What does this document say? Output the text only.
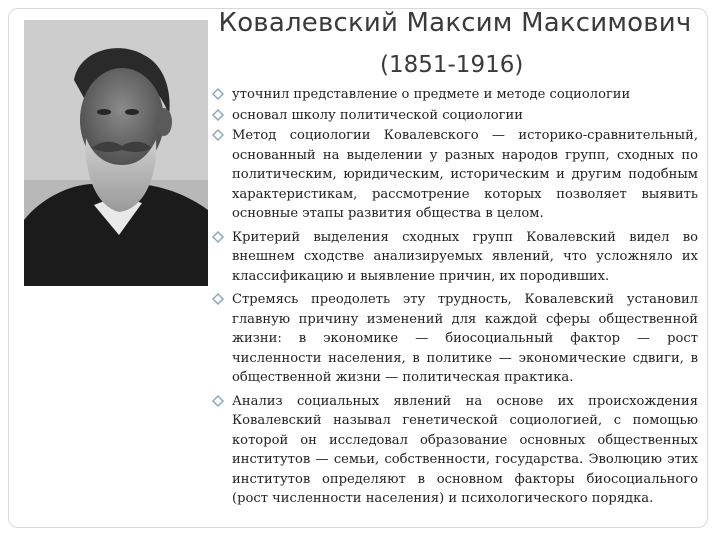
Ковалевский Максим Максимович
(1851-1916)
уточнил представление о предмете и методе социологии
основал школу политической социологии
Метод социологии Ковалевского — историко-сравнительный, основанный на выделении у разных народов групп, сходных по политическим, юридическим, историческим и другим подобным характеристикам, рассмотрение которых позволяет выявить основные этапы развития общества в целом.
Критерий выделения сходных групп Ковалевский видел во внешнем сходстве анализируемых явлений, что усложняло их классификацию и выявление причин, их породивших.
Стремясь преодолеть эту трудность, Ковалевский установил главную причину изменений для каждой сферы общественной жизни: в экономике — биосоциальный фактор — рост численности населения, в политике — экономические сдвиги, в общественной жизни — политическая практика.
Анализ социальных явлений на основе их происхождения Ковалевский называл генетической социологией, с помощью которой он исследовал образование основных общественных институтов — семьи, собственности, государства. Эволюцию этих институтов определяют в основном факторы биосоциального (рост численности населения) и психологического порядка.
